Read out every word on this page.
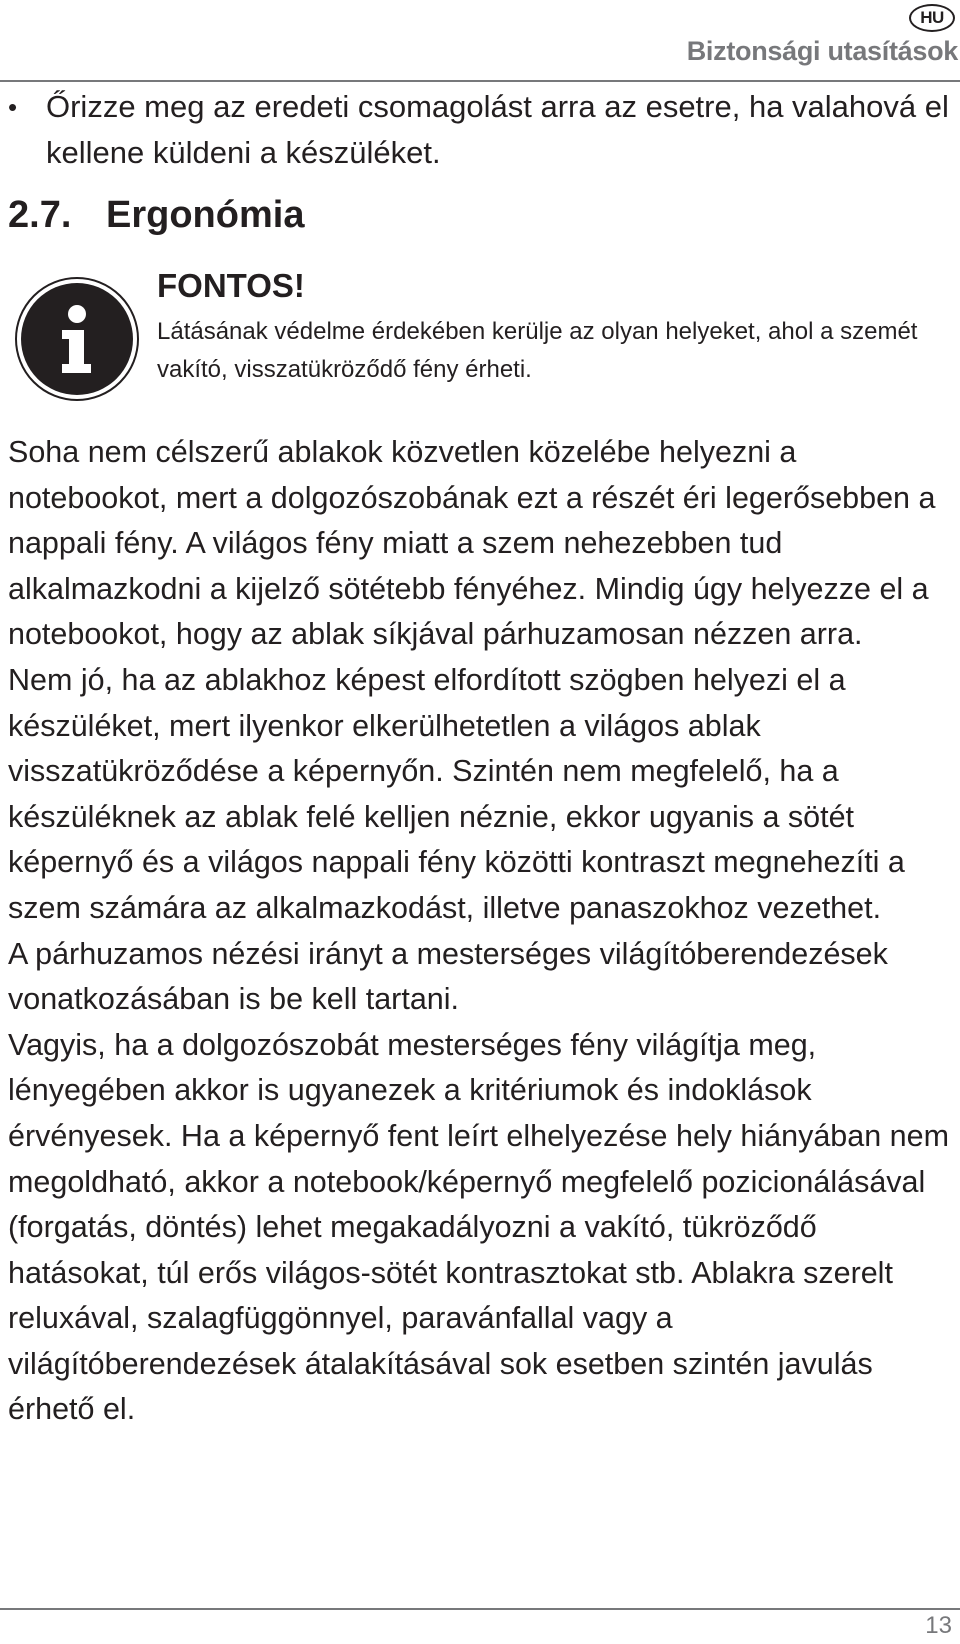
HU
Biztonsági utasítások
• Őrizze meg az eredeti csomagolást arra az esetre, ha valahová el kellene küldeni a készüléket.
2.7. Ergonómia
FONTOS!
Látásának védelme érdekében kerülje az olyan helyeket, ahol a szemét vakító, visszatükröződő fény érheti.

Soha nem célszerű ablakok közvetlen közelébe helyezni a notebookot, mert a dolgozószobának ezt a részét éri legerősebben a nappali fény. A világos fény miatt a szem nehezebben tud alkalmazkodni a kijelző sötétebb fényéhez. Mindig úgy helyezze el a notebookot, hogy az ablak síkjával párhuzamosan nézzen arra.

Nem jó, ha az ablakhoz képest elfordított szögben helyezi el a készüléket, mert ilyenkor elkerülhetetlen a világos ablak visszatükröződése a képernyőn. Szintén nem megfelelő, ha a készüléknek az ablak felé kelljen néznie, ekkor ugyanis a sötét képernyő és a világos nappali fény közötti kontraszt megnehezíti a szem számára az alkalmazkodást, illetve panaszokhoz vezethet.

A párhuzamos nézési irányt a mesterséges világítóberendezések vonatkozásában is be kell tartani.

Vagyis, ha a dolgozószobát mesterséges fény világítja meg, lényegében akkor is ugyanezek a kritériumok és indoklások érvényesek. Ha a képernyő fent leírt elhelyezése hely hiányában nem megoldható, akkor a notebook/képernyő megfelelő pozicionálásával (forgatás, döntés) lehet megakadályozni a vakító, tükröződő hatásokat, túl erős világos-sötét kontrasztokat stb. Ablakra szerelt reluxával, szalagfüggönnyel, paravánfallal vagy a világítóberendezések átalakításával sok esetben szintén javulás érhető el.

13
